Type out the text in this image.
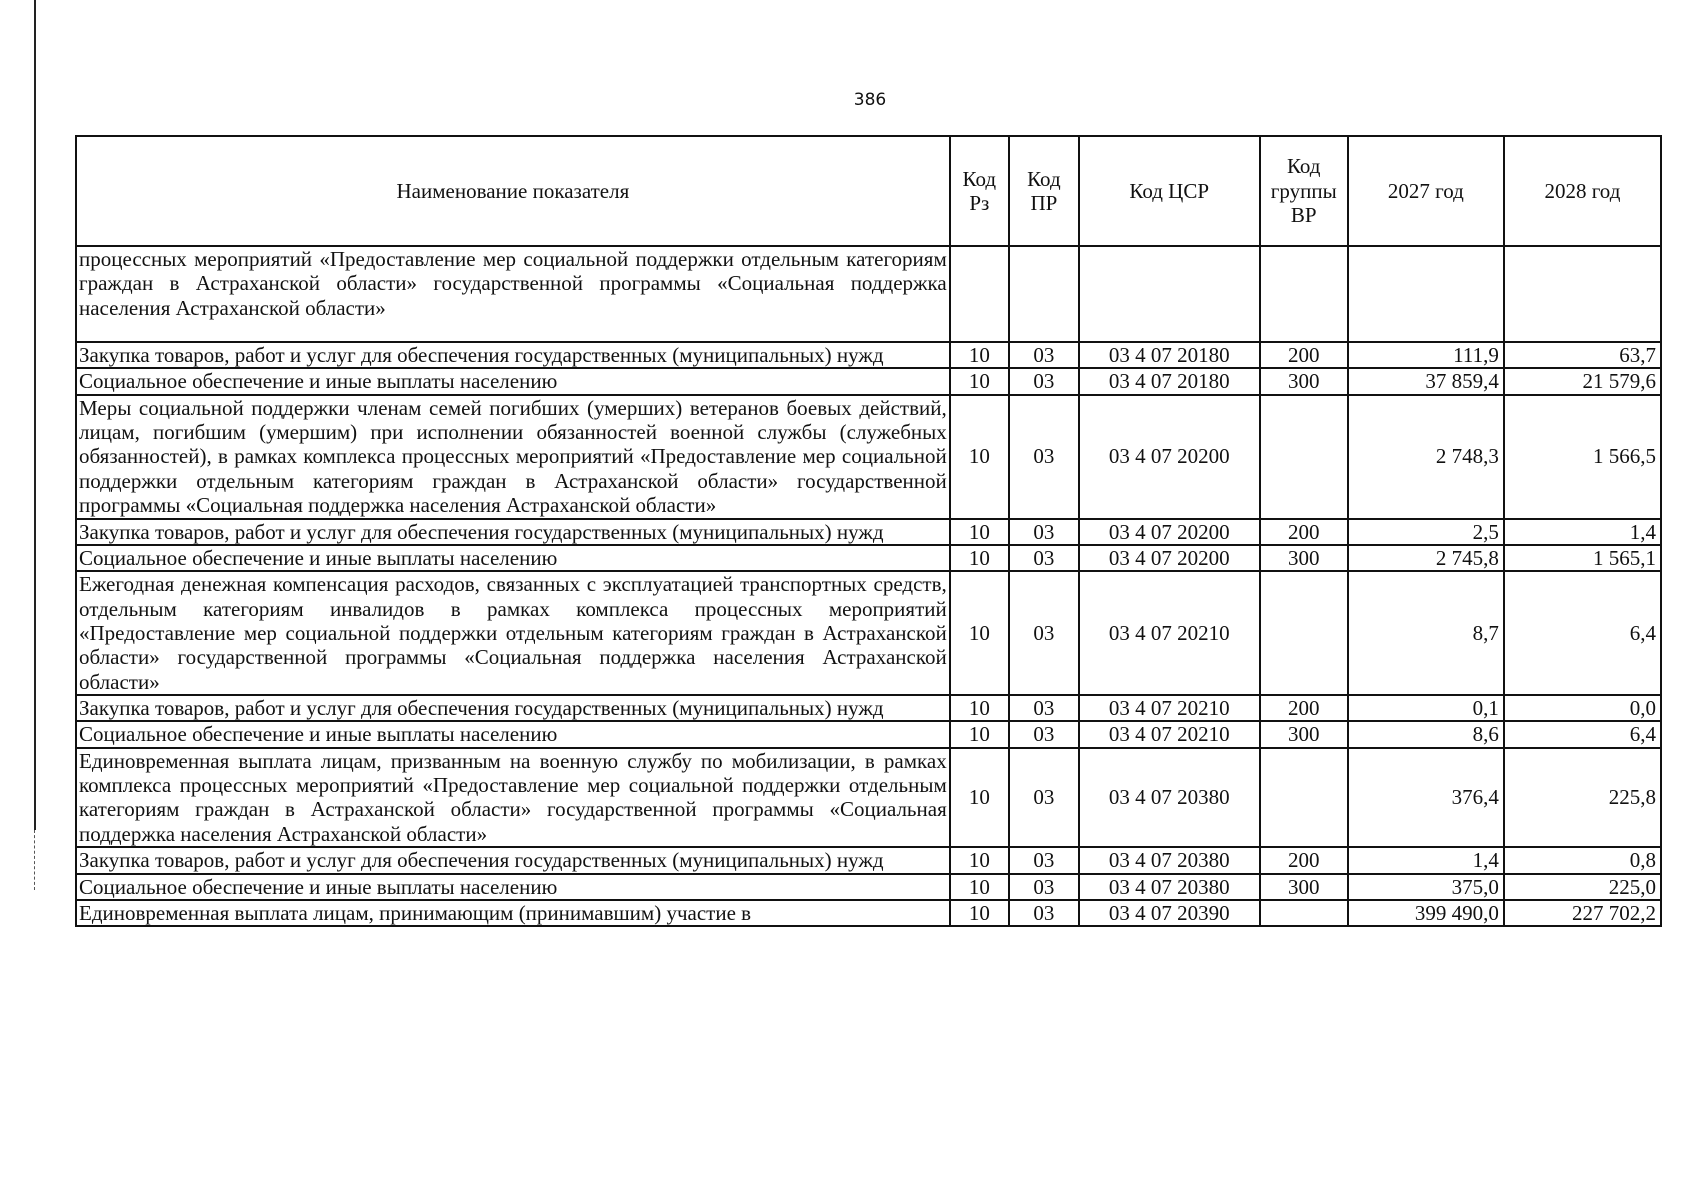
386
Наименование показателя	Код Рз	Код ПР	Код ЦСР	Код группы ВР	2027 год	2028 год
процессных мероприятий «Предоставление мер социальной поддержки отдельным категориям граждан в Астраханской области» государственной программы «Социальная поддержка населения Астраханской области»						
Закупка товаров, работ и услуг для обеспечения государственных (муниципальных) нужд	10	03	03 4 07 20180	200	111,9	63,7
Социальное обеспечение и иные выплаты населению	10	03	03 4 07 20180	300	37 859,4	21 579,6
Меры социальной поддержки членам семей погибших (умерших) ветеранов боевых действий, лицам, погибшим (умершим) при исполнении обязанностей военной службы (служебных обязанностей), в рамках комплекса процессных мероприятий «Предоставление мер социальной поддержки отдельным категориям граждан в Астраханской области» государственной программы «Социальная поддержка населения Астраханской области»	10	03	03 4 07 20200		2 748,3	1 566,5
Закупка товаров, работ и услуг для обеспечения государственных (муниципальных) нужд	10	03	03 4 07 20200	200	2,5	1,4
Социальное обеспечение и иные выплаты населению	10	03	03 4 07 20200	300	2 745,8	1 565,1
Ежегодная денежная компенсация расходов, связанных с эксплуатацией транспортных средств, отдельным категориям инвалидов в рамках комплекса процессных мероприятий «Предоставление мер социальной поддержки отдельным категориям граждан в Астраханской области» государственной программы «Социальная поддержка населения Астраханской области»	10	03	03 4 07 20210		8,7	6,4
Закупка товаров, работ и услуг для обеспечения государственных (муниципальных) нужд	10	03	03 4 07 20210	200	0,1	0,0
Социальное обеспечение и иные выплаты населению	10	03	03 4 07 20210	300	8,6	6,4
Единовременная выплата лицам, призванным на военную службу по мобилизации, в рамках комплекса процессных мероприятий «Предоставление мер социальной поддержки отдельным категориям граждан в Астраханской области» государственной программы «Социальная поддержка населения Астраханской области»	10	03	03 4 07 20380		376,4	225,8
Закупка товаров, работ и услуг для обеспечения государственных (муниципальных) нужд	10	03	03 4 07 20380	200	1,4	0,8
Социальное обеспечение и иные выплаты населению	10	03	03 4 07 20380	300	375,0	225,0
Единовременная выплата лицам, принимающим (принимавшим) участие в	10	03	03 4 07 20390		399 490,0	227 702,2
